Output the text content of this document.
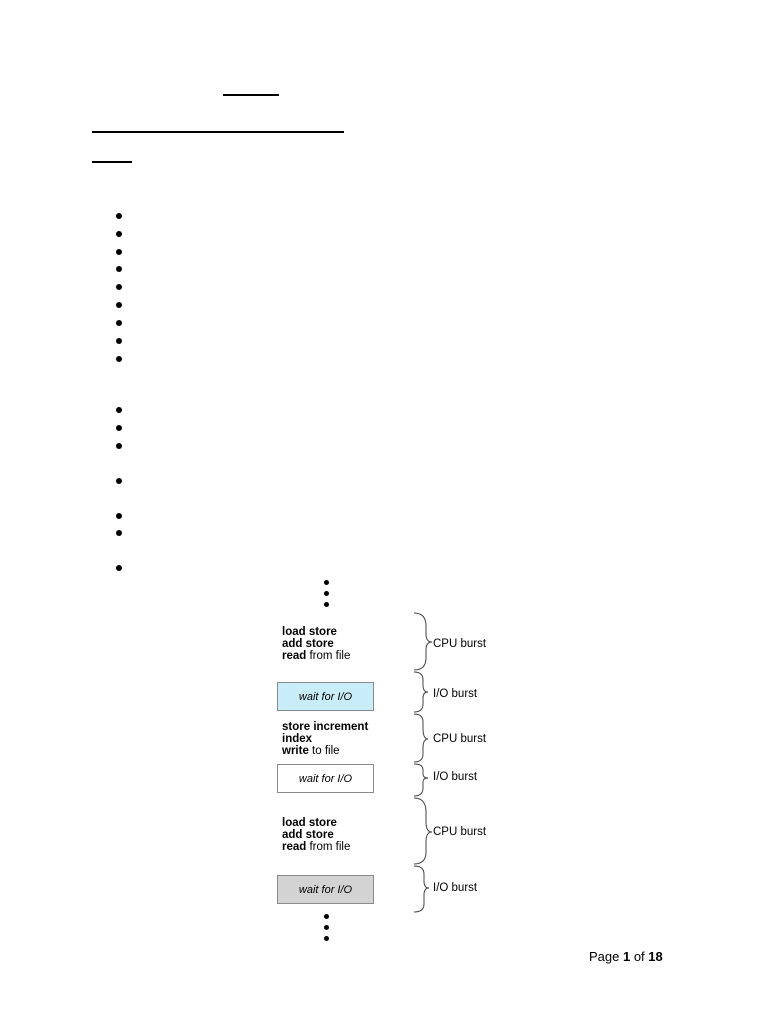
load store
add store
read from file
CPU burst
wait for I/O	I/O burst
store increment
index
write to file
CPU burst
wait for I/O	I/O burst
load store
add store
read from file
CPU burst
wait for I/O	I/O burst
Page 1 of 18
